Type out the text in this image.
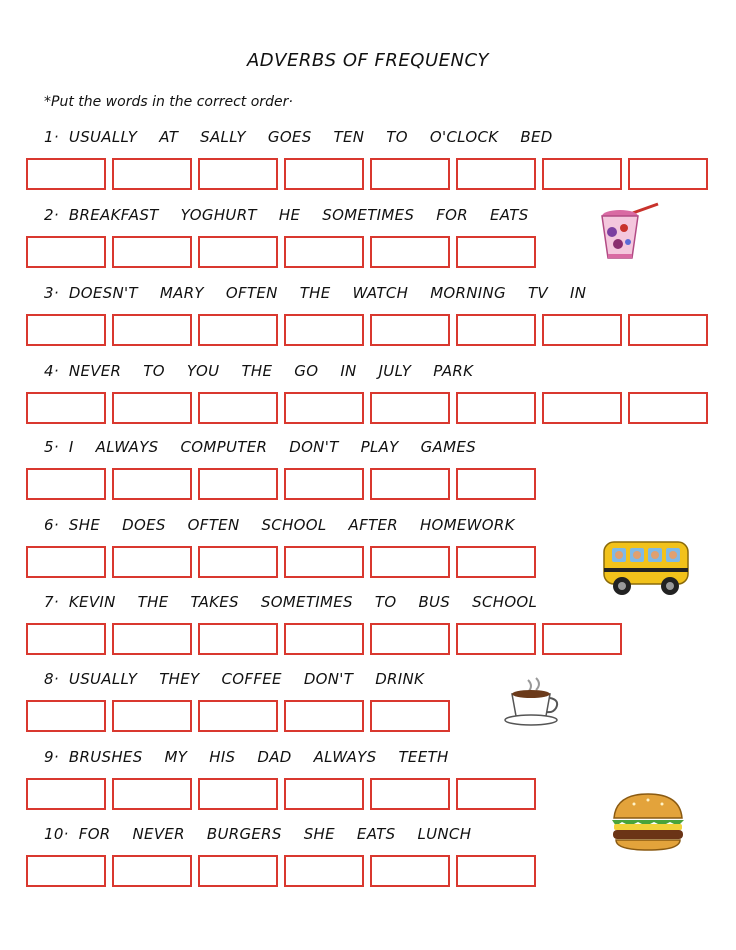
ADVERBS OF FREQUENCY
*Put the words in the correct order·
1· USUALLY AT SALLY GOES TEN TO O'CLOCK BED
2· BREAKFAST YOGHURT HE SOMETIMES FOR EATS
3· DOESN'T MARY OFTEN THE WATCH MORNING TV IN
4· NEVER TO YOU THE GO IN JULY PARK
5· I ALWAYS COMPUTER DON'T PLAY GAMES
6· SHE DOES OFTEN SCHOOL AFTER HOMEWORK
7· KEVIN THE TAKES SOMETIMES TO BUS SCHOOL
8· USUALLY THEY COFFEE DON'T DRINK
9· BRUSHES MY HIS DAD ALWAYS TEETH
10· FOR NEVER BURGERS SHE EATS LUNCH
